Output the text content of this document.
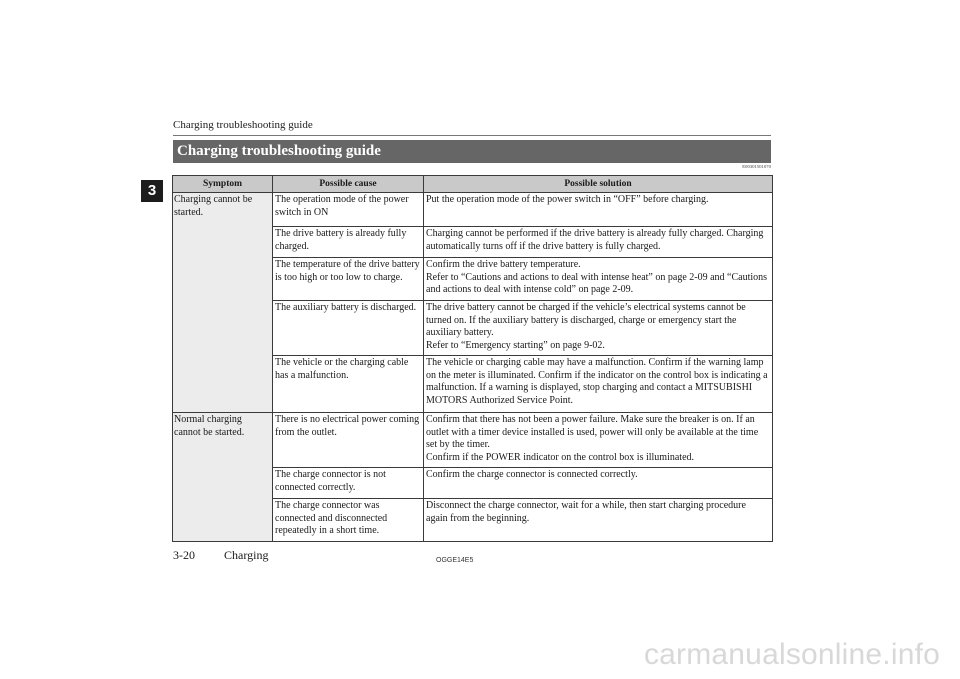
Charging troubleshooting guide
3
Charging troubleshooting guide
E00301501070
Symptom	Possible cause	Possible solution
Charging cannot be started.	The operation mode of the power switch in ON	Put the operation mode of the power switch in “OFF” before charging.
	The drive battery is already fully charged.	Charging cannot be performed if the drive battery is already fully charged. Charging automatically turns off if the drive battery is fully charged.
	The temperature of the drive battery is too high or too low to charge.	Confirm the drive battery temperature.
Refer to “Cautions and actions to deal with intense heat” on page 2-09 and “Cautions and actions to deal with intense cold” on page 2-09.
	The auxiliary battery is discharged.	The drive battery cannot be charged if the vehicle’s electrical systems cannot be turned on. If the auxiliary battery is discharged, charge or emergency start the auxiliary battery.
Refer to “Emergency starting” on page 9-02.
	The vehicle or the charging cable has a malfunction.	The vehicle or charging cable may have a malfunction. Confirm if the warning lamp on the meter is illuminated. Confirm if the indicator on the control box is indicating a malfunction. If a warning is displayed, stop charging and contact a MITSUBISHI MOTORS Authorized Service Point.
Normal charging cannot be started.	There is no electrical power coming from the outlet.	Confirm that there has not been a power failure. Make sure the breaker is on. If an outlet with a timer device installed is used, power will only be available at the time set by the timer.
Confirm if the POWER indicator on the control box is illuminated.
	The charge connector is not connected correctly.	Confirm the charge connector is connected correctly.
	The charge connector was connected and disconnected repeatedly in a short time.	Disconnect the charge connector, wait for a while, then start charging procedure again from the beginning.
3-20 Charging	OGGE14E5
carmanualsonline.info
